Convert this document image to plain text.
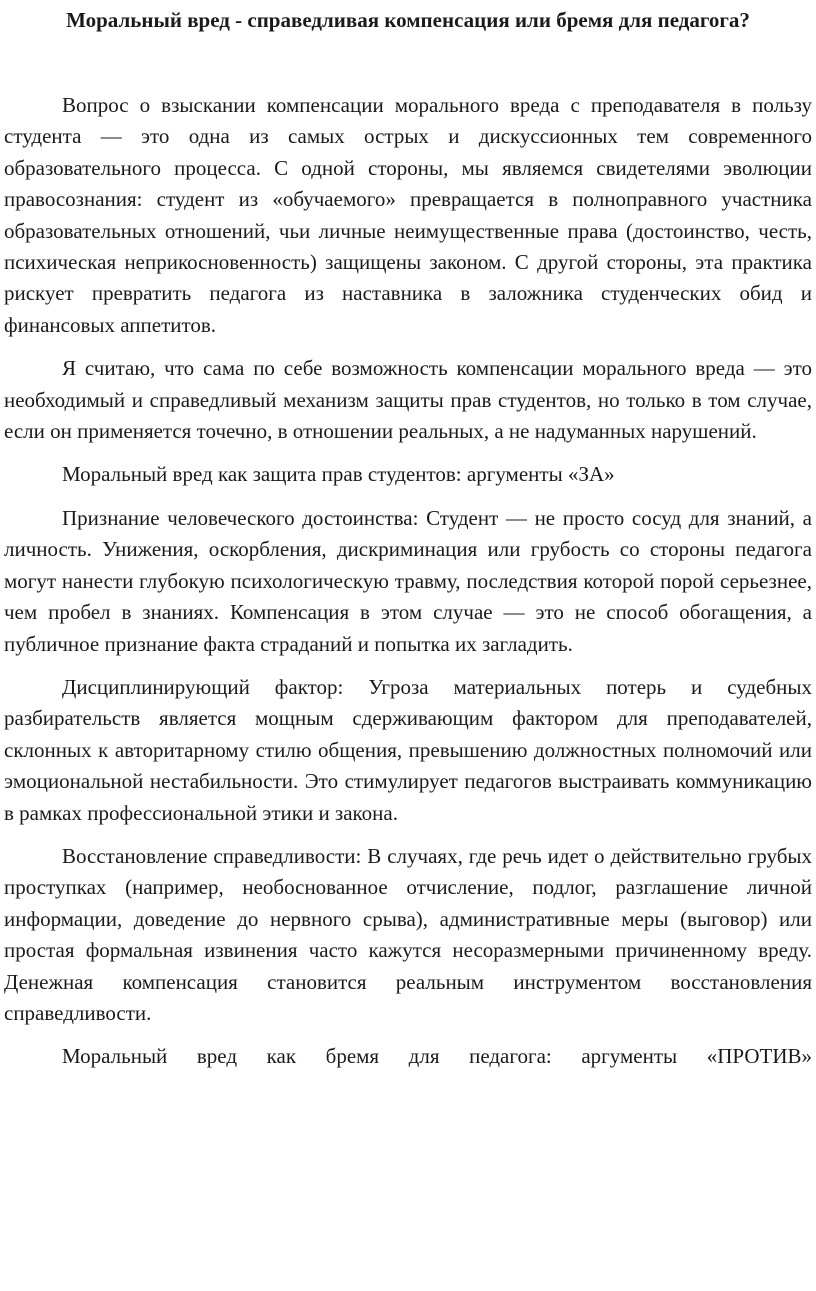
Моральный вред - справедливая компенсация или бремя для педагога?

Вопрос о взыскании компенсации морального вреда с преподавателя в пользу студента — это одна из самых острых и дискуссионных тем современного образовательного процесса. С одной стороны, мы являемся свидетелями эволюции правосознания: студент из «обучаемого» превращается в полноправного участника образовательных отношений, чьи личные неимущественные права (достоинство, честь, психическая неприкосновенность) защищены законом. С другой стороны, эта практика рискует превратить педагога из наставника в заложника студенческих обид и финансовых аппетитов.

Я считаю, что сама по себе возможность компенсации морального вреда — это необходимый и справедливый механизм защиты прав студентов, но только в том случае, если он применяется точечно, в отношении реальных, а не надуманных нарушений.

Моральный вред как защита прав студентов: аргументы «ЗА»

Признание человеческого достоинства: Студент — не просто сосуд для знаний, а личность. Унижения, оскорбления, дискриминация или грубость со стороны педагога могут нанести глубокую психологическую травму, последствия которой порой серьезнее, чем пробел в знаниях. Компенсация в этом случае — это не способ обогащения, а публичное признание факта страданий и попытка их загладить.

Дисциплинирующий фактор: Угроза материальных потерь и судебных разбирательств является мощным сдерживающим фактором для преподавателей, склонных к авторитарному стилю общения, превышению должностных полномочий или эмоциональной нестабильности. Это стимулирует педагогов выстраивать коммуникацию в рамках профессиональной этики и закона.

Восстановление справедливости: В случаях, где речь идет о действительно грубых проступках (например, необоснованное отчисление, подлог, разглашение личной информации, доведение до нервного срыва), административные меры (выговор) или простая формальная извинения часто кажутся несоразмерными причиненному вреду. Денежная компенсация становится реальным инструментом восстановления справедливости.

Моральный вред как бремя для педагога: аргументы «ПРОТИВ»
